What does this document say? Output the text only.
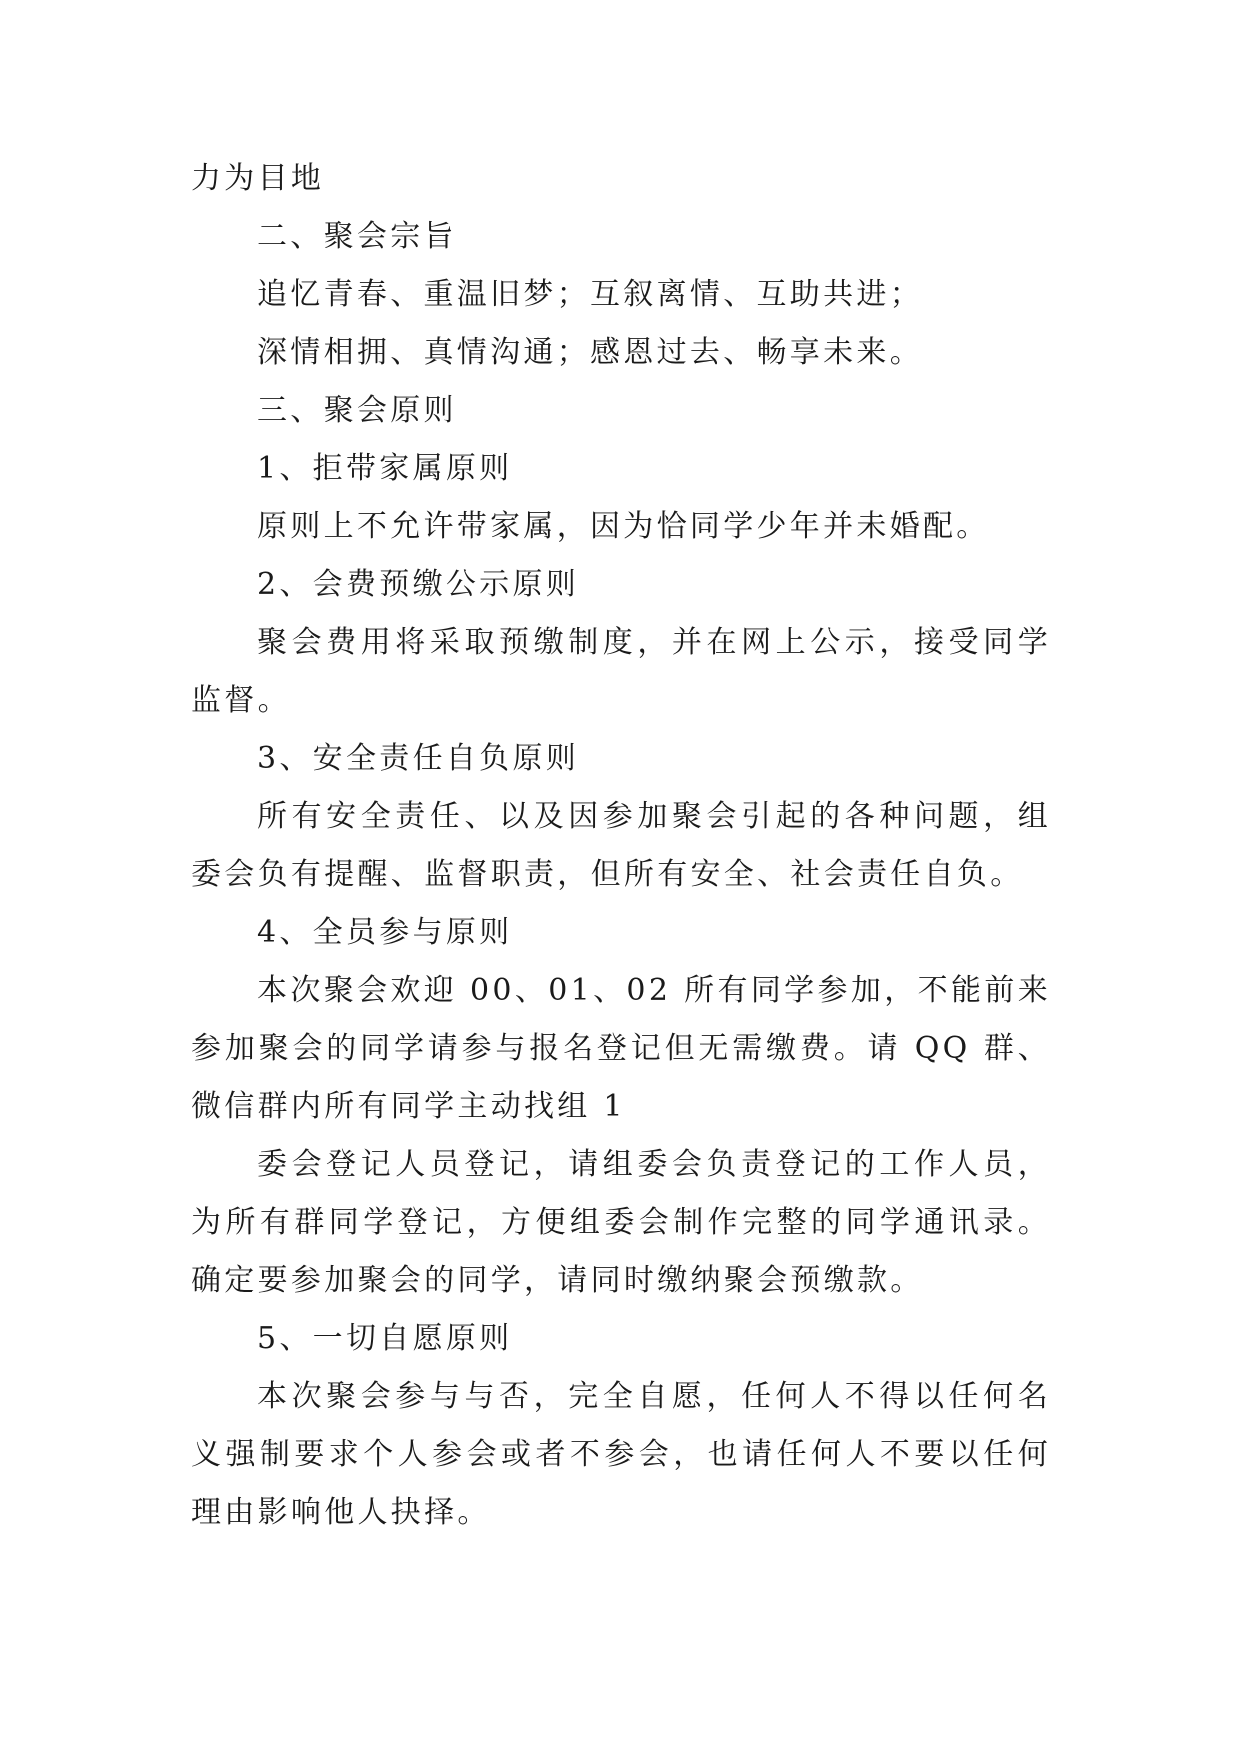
力为目地

二、聚会宗旨

追忆青春、重温旧梦；互叙离情、互助共进；

深情相拥、真情沟通；感恩过去、畅享未来。

三、聚会原则

1、拒带家属原则

原则上不允许带家属，因为恰同学少年并未婚配。

2、会费预缴公示原则

聚会费用将采取预缴制度，并在网上公示，接受同学监督。

3、安全责任自负原则

所有安全责任、以及因参加聚会引起的各种问题，组委会负有提醒、监督职责，但所有安全、社会责任自负。

4、全员参与原则

本次聚会欢迎 00、01、02 所有同学参加，不能前来参加聚会的同学请参与报名登记但无需缴费。请 QQ 群、微信群内所有同学主动找组 1

委会登记人员登记，请组委会负责登记的工作人员，为所有群同学登记，方便组委会制作完整的同学通讯录。确定要参加聚会的同学，请同时缴纳聚会预缴款。

5、一切自愿原则

本次聚会参与与否，完全自愿，任何人不得以任何名义强制要求个人参会或者不参会，也请任何人不要以任何理由影响他人抉择。
